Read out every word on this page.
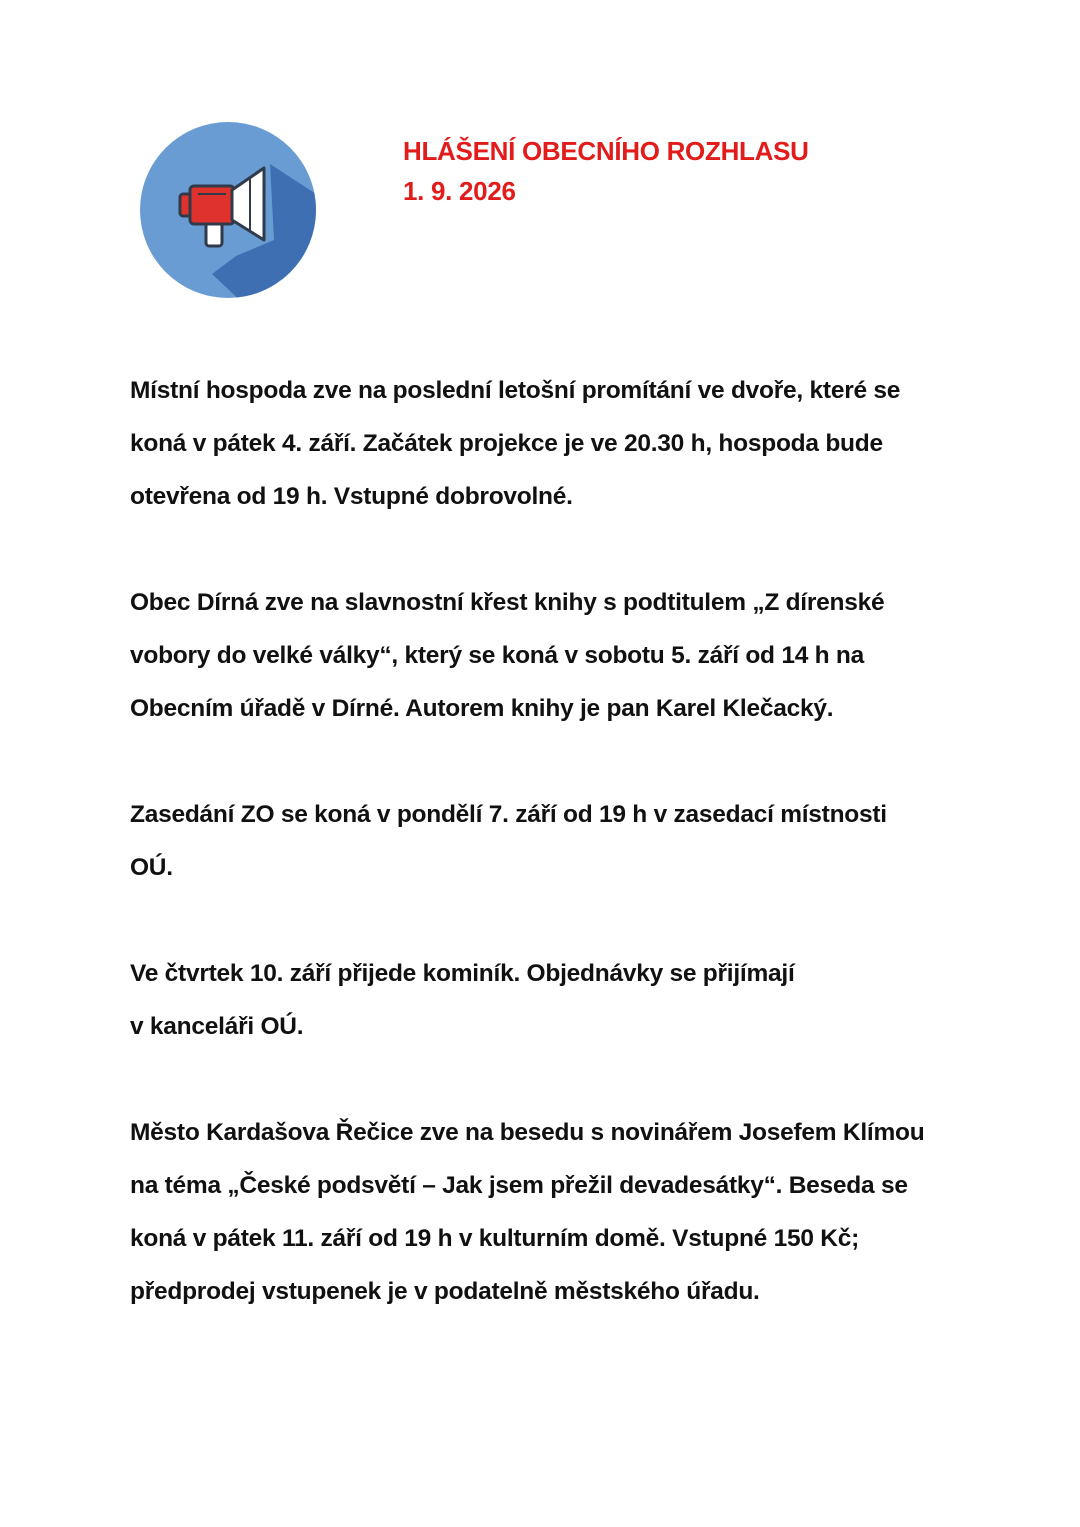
HLÁŠENÍ OBECNÍHO ROZHLASU
1. 9. 2026
Místní hospoda zve na poslední letošní promítání ve dvoře, které se
koná v pátek 4. září. Začátek projekce je ve 20.30 h, hospoda bude
otevřena od 19 h. Vstupné dobrovolné.
Obec Dírná zve na slavnostní křest knihy s podtitulem „Z dírenské
vobory do velké války“, který se koná v sobotu 5. září od 14 h na
Obecním úřadě v Dírné. Autorem knihy je pan Karel Klečacký.
Zasedání ZO se koná v pondělí 7. září od 19 h v zasedací místnosti
OÚ.
Ve čtvrtek 10. září přijede kominík. Objednávky se přijímají
v kanceláři OÚ.
Město Kardašova Řečice zve na besedu s novinářem Josefem Klímou
na téma „České podsvětí – Jak jsem přežil devadesátky“. Beseda se
koná v pátek 11. září od 19 h v kulturním domě. Vstupné 150 Kč;
předprodej vstupenek je v podatelně městského úřadu.
